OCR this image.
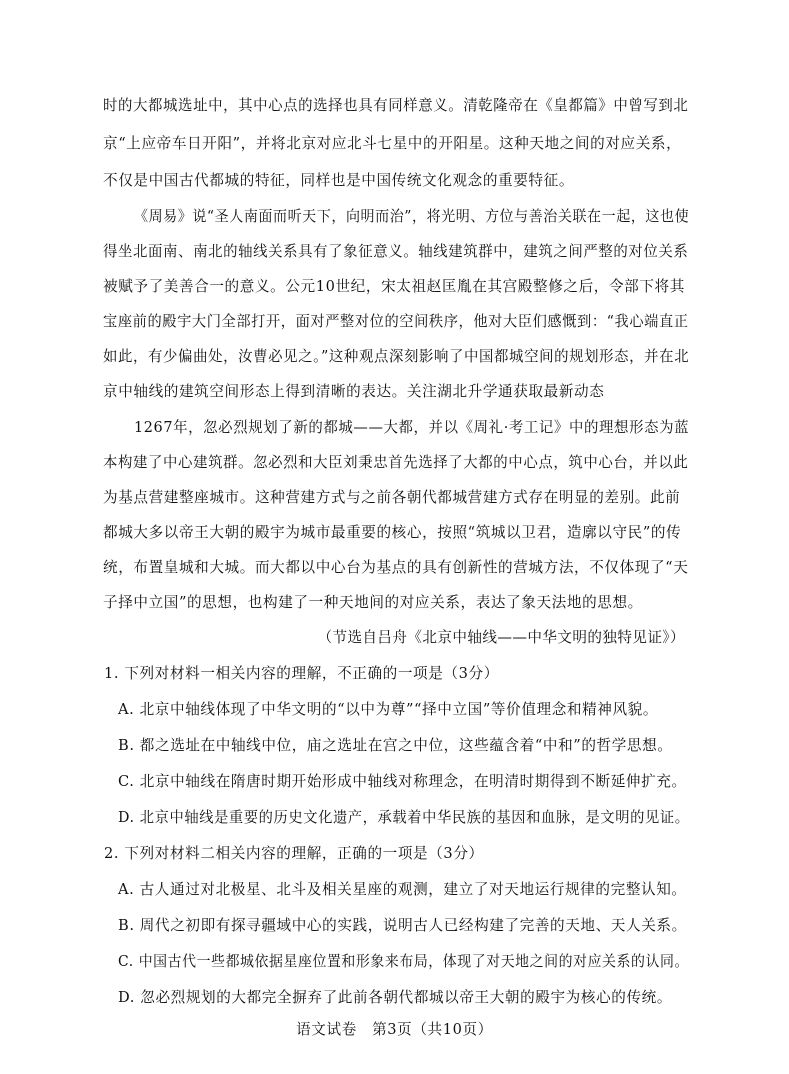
时的大都城选址中，其中心点的选择也具有同样意义。清乾隆帝在《皇都篇》中曾写到北
京“上应帝车日开阳”，并将北京对应北斗七星中的开阳星。这种天地之间的对应关系，
不仅是中国古代都城的特征，同样也是中国传统文化观念的重要特征。
《周易》说“圣人南面而听天下，向明而治”，将光明、方位与善治关联在一起，这也使
得坐北面南、南北的轴线关系具有了象征意义。轴线建筑群中，建筑之间严整的对位关系
被赋予了美善合一的意义。公元10世纪，宋太祖赵匡胤在其宫殿整修之后，令部下将其
宝座前的殿宇大门全部打开，面对严整对位的空间秩序，他对大臣们感慨到：“我心端直正
如此，有少偏曲处，汝曹必见之。”这种观点深刻影响了中国都城空间的规划形态，并在北
京中轴线的建筑空间形态上得到清晰的表达。关注湖北升学通获取最新动态
1267年，忽必烈规划了新的都城——大都，并以《周礼·考工记》中的理想形态为蓝
本构建了中心建筑群。忽必烈和大臣刘秉忠首先选择了大都的中心点，筑中心台，并以此
为基点营建整座城市。这种营建方式与之前各朝代都城营建方式存在明显的差别。此前
都城大多以帝王大朝的殿宇为城市最重要的核心，按照“筑城以卫君，造廓以守民”的传
统，布置皇城和大城。而大都以中心台为基点的具有创新性的营城方法，不仅体现了“天
子择中立国”的思想，也构建了一种天地间的对应关系，表达了象天法地的思想。
（节选自吕舟《北京中轴线——中华文明的独特见证》）
1. 下列对材料一相关内容的理解，不正确的一项是（3分）
A. 北京中轴线体现了中华文明的“以中为尊”“择中立国”等价值理念和精神风貌。
B. 都之选址在中轴线中位，庙之选址在宫之中位，这些蕴含着“中和”的哲学思想。
C. 北京中轴线在隋唐时期开始形成中轴线对称理念，在明清时期得到不断延伸扩充。
D. 北京中轴线是重要的历史文化遗产，承载着中华民族的基因和血脉，是文明的见证。
2. 下列对材料二相关内容的理解，正确的一项是（3分）
A. 古人通过对北极星、北斗及相关星座的观测，建立了对天地运行规律的完整认知。
B. 周代之初即有探寻疆域中心的实践，说明古人已经构建了完善的天地、天人关系。
C. 中国古代一些都城依据星座位置和形象来布局，体现了对天地之间的对应关系的认同。
D. 忽必烈规划的大都完全摒弃了此前各朝代都城以帝王大朝的殿宇为核心的传统。
语文试卷　第3页（共10页）
